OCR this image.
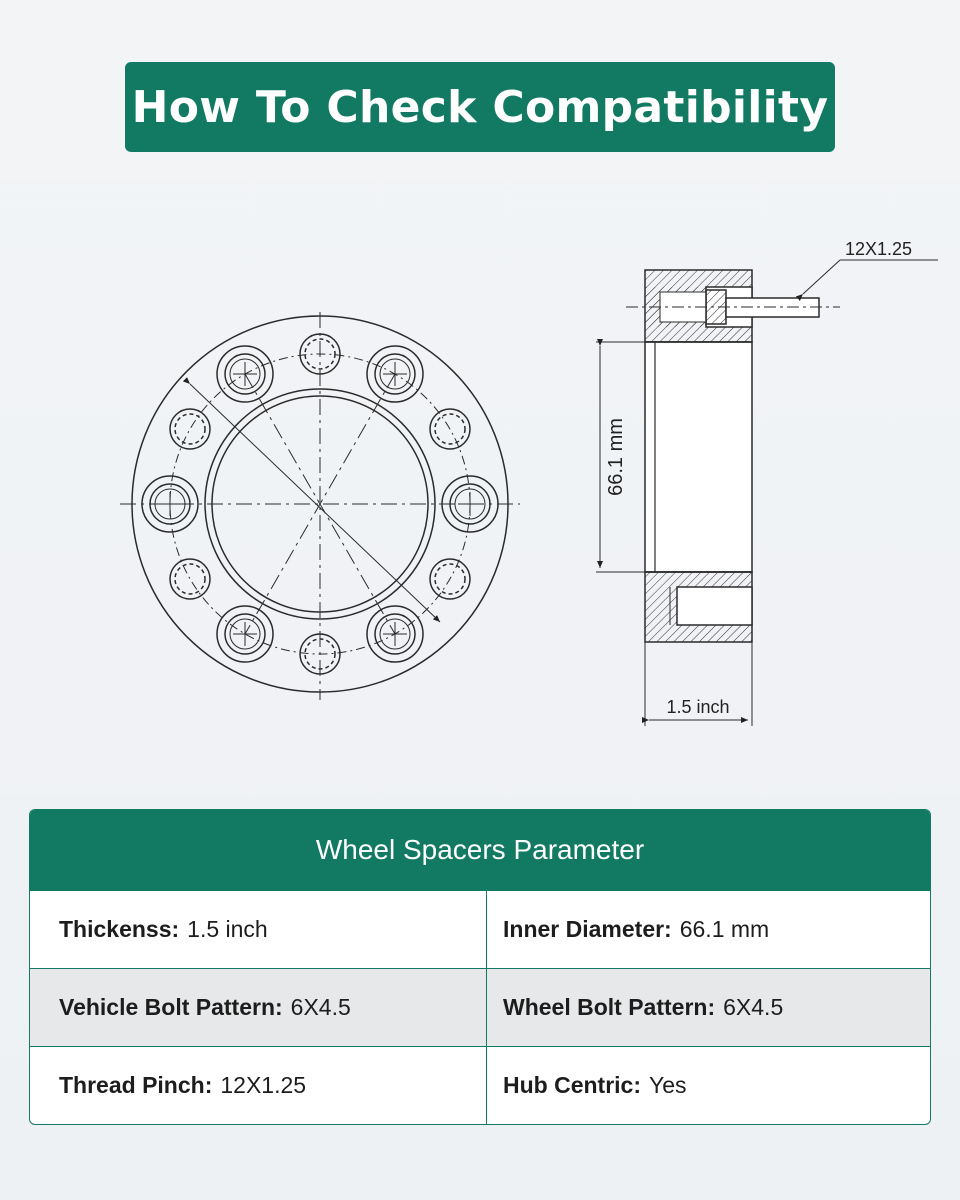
How To Check Compatibility
12X1.25
66.1 mm
1.5 inch
Wheel Spacers Parameter
Thickenss: 1.5 inch	Inner Diameter: 66.1 mm
Vehicle Bolt Pattern: 6X4.5	Wheel Bolt Pattern: 6X4.5
Thread Pinch: 12X1.25	Hub Centric: Yes
